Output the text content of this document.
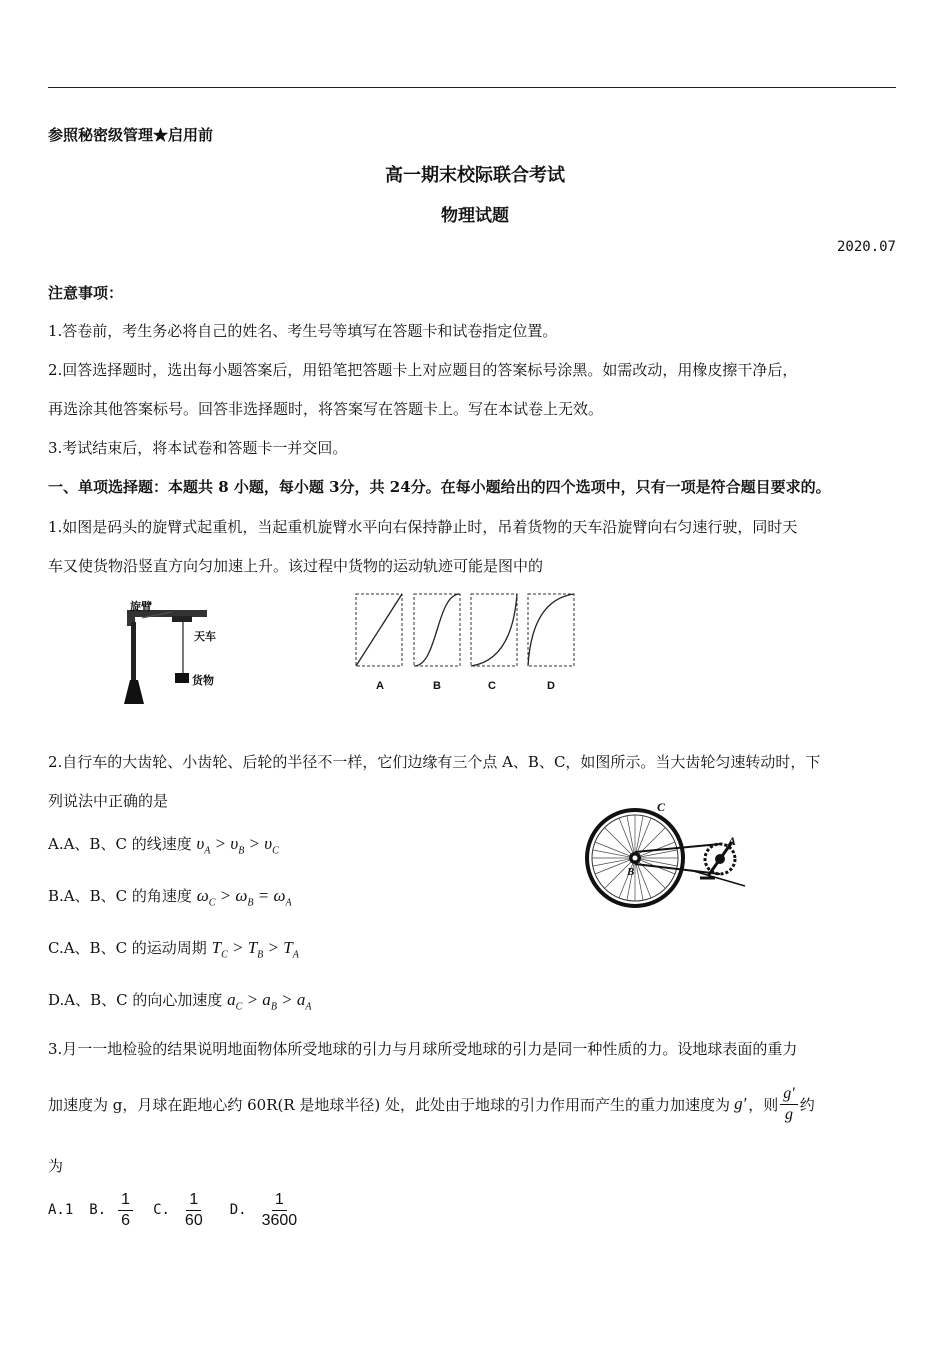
参照秘密级管理★启用前
高一期末校际联合考试
物理试题
2020.07
注意事项：
1.答卷前，考生务必将自己的姓名、考生号等填写在答题卡和试卷指定位置。
2.回答选择题时，选出每小题答案后，用铅笔把答题卡上对应题目的答案标号涂黑。如需改动，用橡皮擦干净后，
再选涂其他答案标号。回答非选择题时，将答案写在答题卡上。写在本试卷上无效。
3.考试结束后，将本试卷和答题卡一并交回。
一、单项选择题：本题共 8 小题，每小题 3分，共 24分。在每小题给出的四个选项中，只有一项是符合题目要求的。
1.如图是码头的旋臂式起重机，当起重机旋臂水平向右保持静止时，吊着货物的天车沿旋臂向右匀速行驶，同时天
车又使货物沿竖直方向匀加速上升。该过程中货物的运动轨迹可能是图中的
旋臂
天车
货物	A	B	C	D
2.自行车的大齿轮、小齿轮、后轮的半径不一样，它们边缘有三个点 A、B、C，如图所示。当大齿轮匀速转动时，下
列说法中正确的是
A.A、B、C 的线速度 $\upsilon_A > \upsilon_B > \upsilon_C$
B.A、B、C 的角速度 $\omega_C > \omega_B = \omega_A$
C.A、B、C 的运动周期 $T_C > T_B > T_A$
D.A、B、C 的向心加速度 $a_C > a_B > a_A$
C
A
B
3.月一一地检验的结果说明地面物体所受地球的引力与月球所受地球的引力是同一种性质的力。设地球表面的重力
加速度为 g，月球在距地心约 60R(R 是地球半径) 处，此处由于地球的引力作用而产生的重力加速度为 g′ ，则 $\frac{g'}{g}$ 约
为
A.1 B. $\frac{1}{6} C$. $\frac{1}{60} D$. $\frac{1}{3600}$
